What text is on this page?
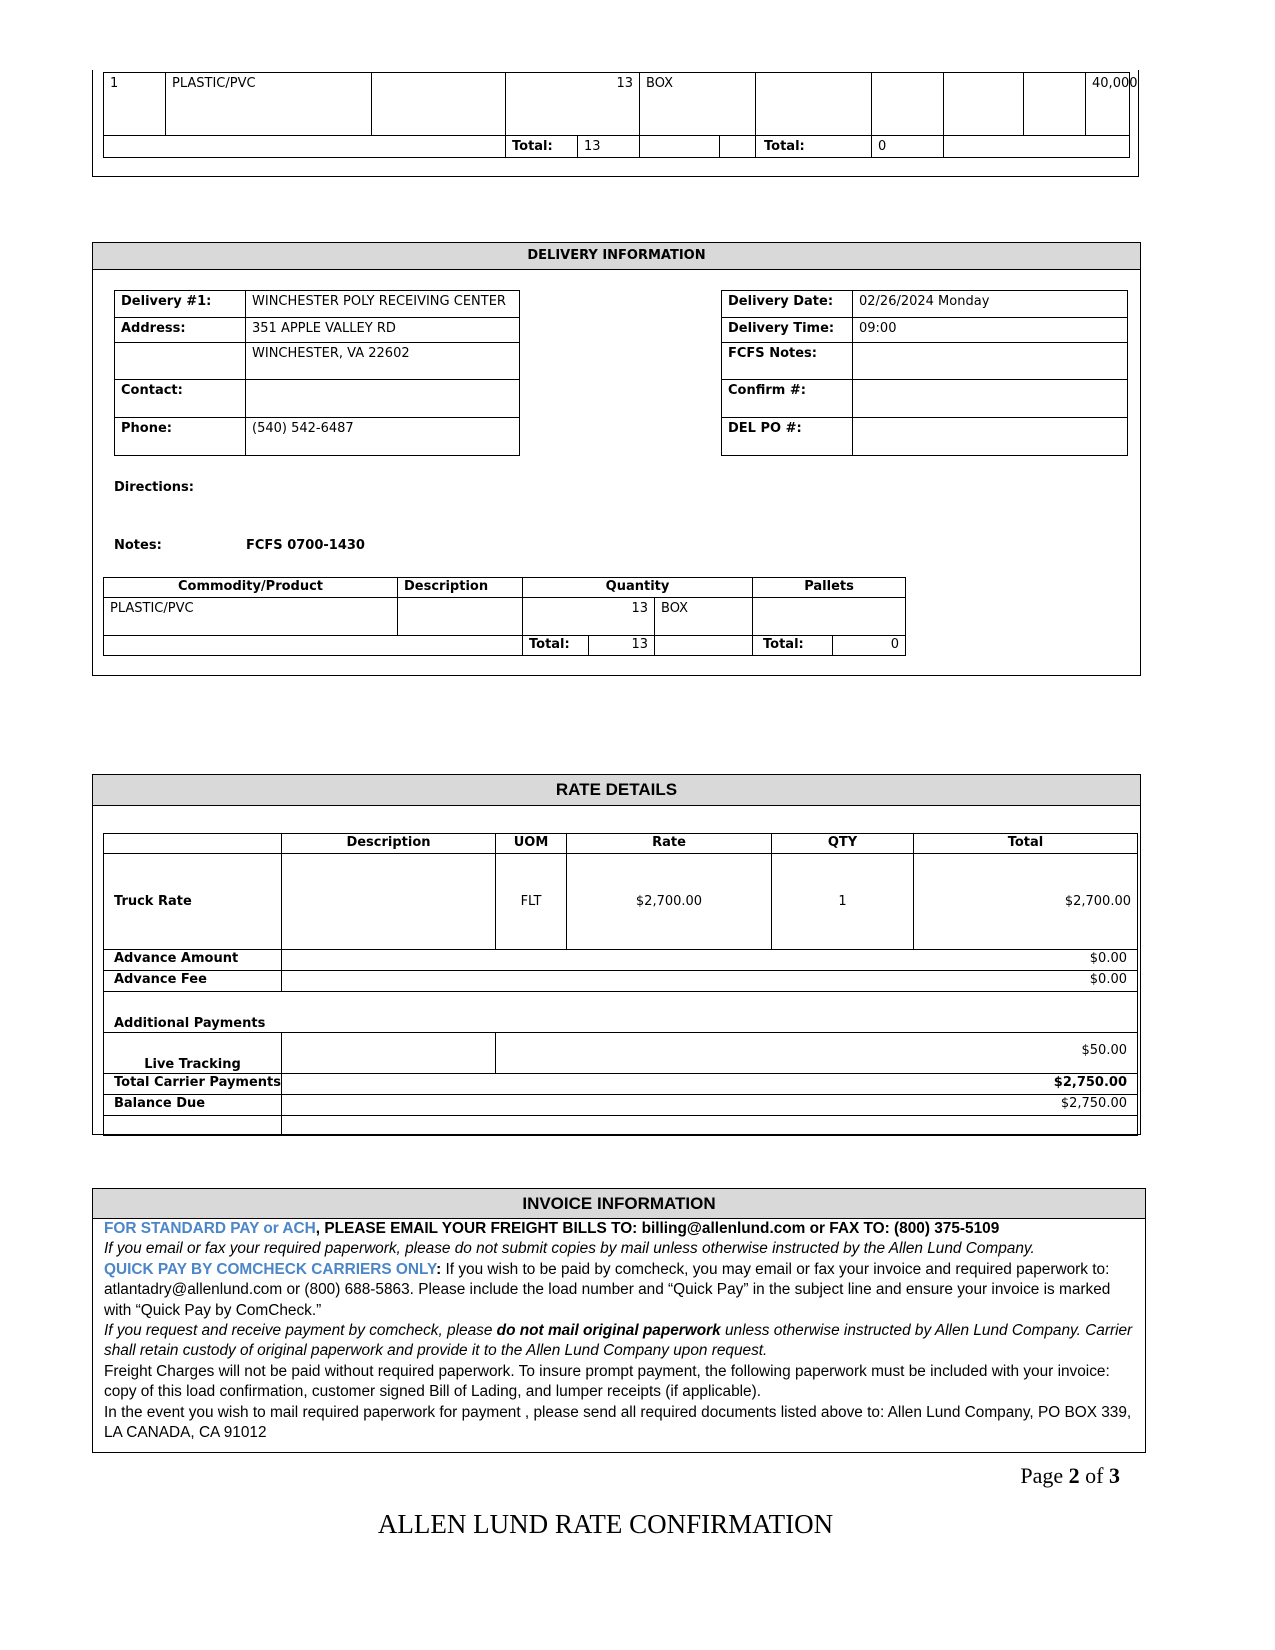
1	PLASTIC/PVC		13		BOX						40,000
			Total:	13			Total:	0			
DELIVERY INFORMATION
Delivery #1:	WINCHESTER POLY RECEIVING CENTER
Address:	351 APPLE VALLEY RD
	WINCHESTER, VA 22602
Contact:	
Phone:	(540) 542-6487
Delivery Date:	02/26/2024 Monday
Delivery Time:	09:00
FCFS Notes:	
Confirm #:	
DEL PO #:	
Directions:
Notes:	FCFS 0700-1430
Commodity/Product	Description	Quantity			Pallets	
PLASTIC/PVC		13		BOX		
		Total:	13		Total:	0
RATE DETAILS
	Description	UOM	Rate	QTY	Total
Truck Rate		FLT	$2,700.00	1	$2,700.00
Advance Amount	$0.00				
Advance Fee	$0.00				
Additional Payments					
Live Tracking		$50.00			
Total Carrier Payments	$2,750.00				
Balance Due	$2,750.00				

INVOICE INFORMATION

FOR STANDARD PAY or ACH, PLEASE EMAIL YOUR FREIGHT BILLS TO: billing@allenlund.com or FAX TO: (800) 375-5109

If you email or fax your required paperwork, please do not submit copies by mail unless otherwise instructed by the Allen Lund Company.

QUICK PAY BY COMCHECK CARRIERS ONLY: If you wish to be paid by comcheck, you may email or fax your invoice and required paperwork to: atlantadry@allenlund.com or (800) 688-5863. Please include the load number and “Quick Pay” in the subject line and ensure your invoice is marked with “Quick Pay by ComCheck.”

If you request and receive payment by comcheck, please do not mail original paperwork unless otherwise instructed by Allen Lund Company. Carrier shall retain custody of original paperwork and provide it to the Allen Lund Company upon request.

Freight Charges will not be paid without required paperwork. To insure prompt payment, the following paperwork must be included with your invoice: copy of this load confirmation, customer signed Bill of Lading, and lumper receipts (if applicable).

In the event you wish to mail required paperwork for payment , please send all required documents listed above to: Allen Lund Company, PO BOX 339, LA CANADA, CA 91012

Page 2 of 3
ALLEN LUND RATE CONFIRMATION
